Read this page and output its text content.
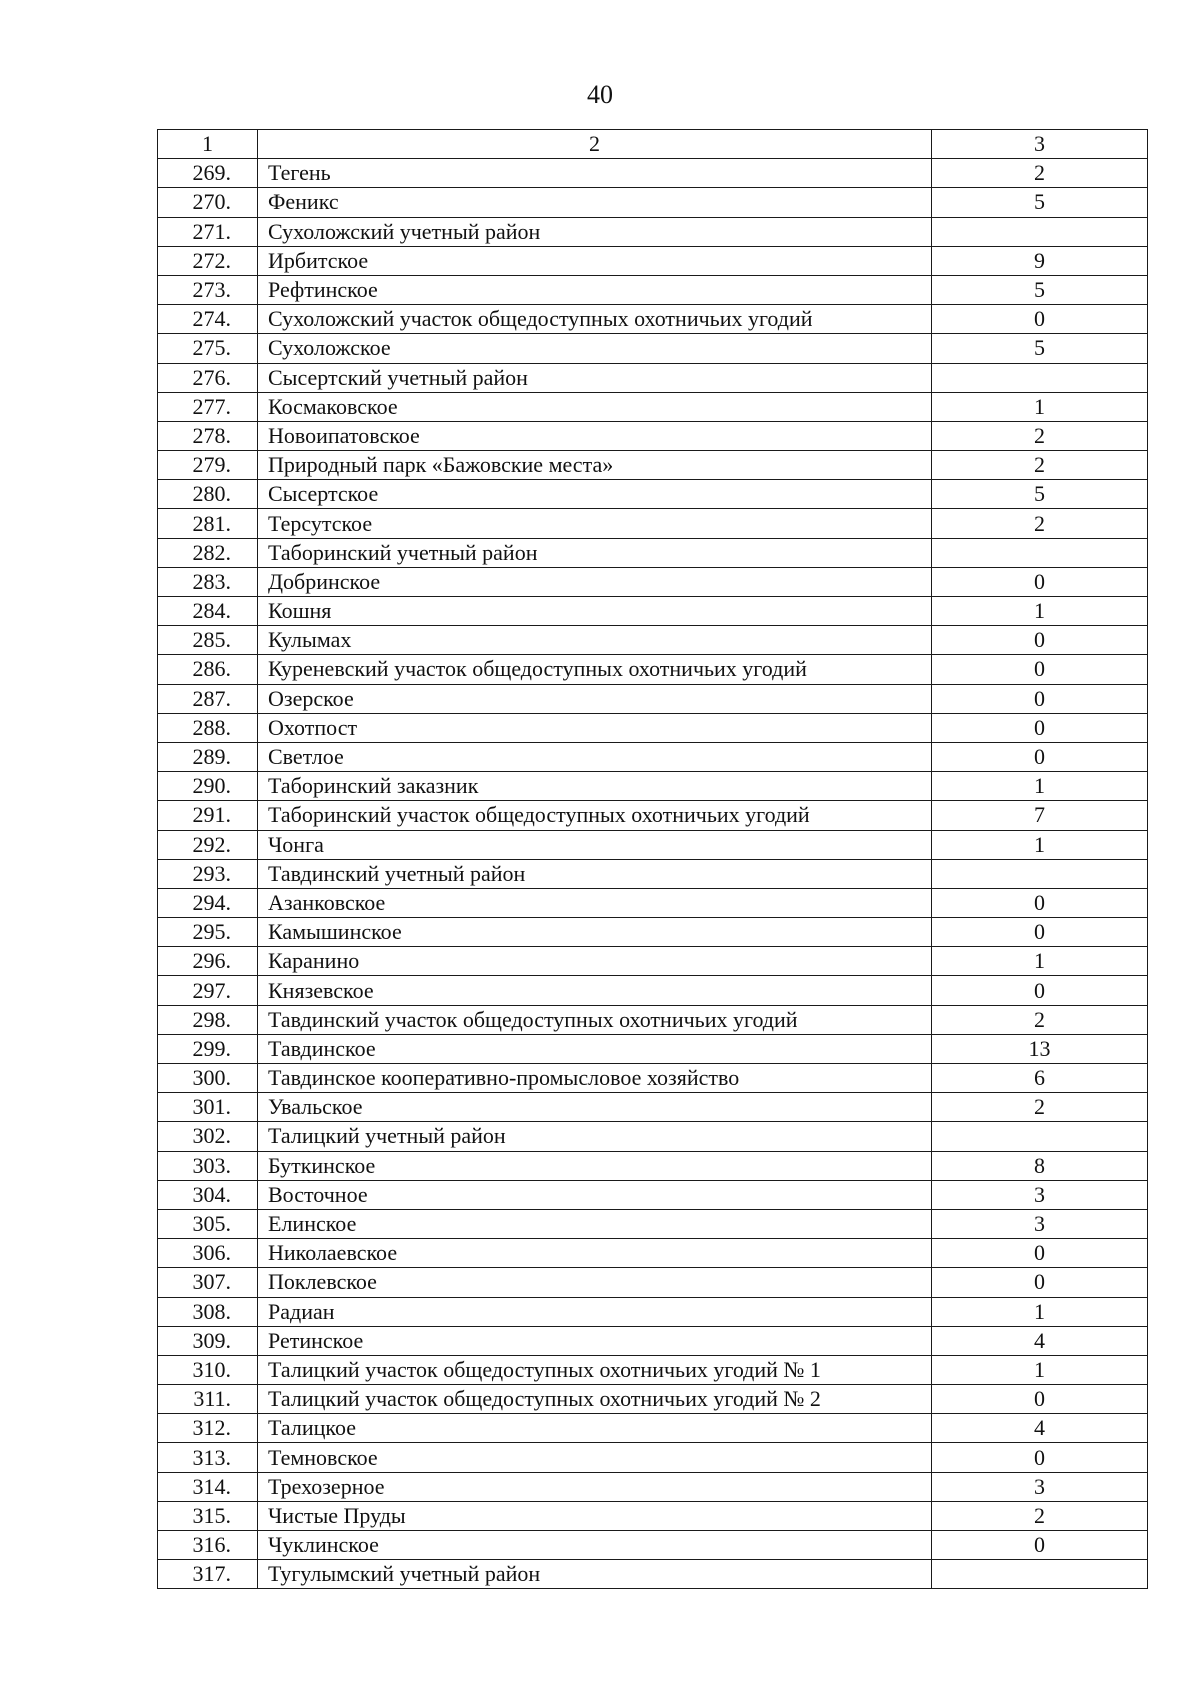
40
1	2	3
269.	Тегень	2
270.	Феникс	5
271.	Сухоложский учетный район	
272.	Ирбитское	9
273.	Рефтинское	5
274.	Сухоложский участок общедоступных охотничьих угодий	0
275.	Сухоложское	5
276.	Сысертский учетный район	
277.	Космаковское	1
278.	Новоипатовское	2
279.	Природный парк «Бажовские места»	2
280.	Сысертское	5
281.	Терсутское	2
282.	Таборинский учетный район	
283.	Добринское	0
284.	Кошня	1
285.	Кулымах	0
286.	Куреневский участок общедоступных охотничьих угодий	0
287.	Озерское	0
288.	Охотпост	0
289.	Светлое	0
290.	Таборинский заказник	1
291.	Таборинский участок общедоступных охотничьих угодий	7
292.	Чонга	1
293.	Тавдинский учетный район	
294.	Азанковское	0
295.	Камышинское	0
296.	Каранино	1
297.	Князевское	0
298.	Тавдинский участок общедоступных охотничьих угодий	2
299.	Тавдинское	13
300.	Тавдинское кооперативно-промысловое хозяйство	6
301.	Увальское	2
302.	Талицкий учетный район	
303.	Буткинское	8
304.	Восточное	3
305.	Елинское	3
306.	Николаевское	0
307.	Поклевское	0
308.	Радиан	1
309.	Ретинское	4
310.	Талицкий участок общедоступных охотничьих угодий № 1	1
311.	Талицкий участок общедоступных охотничьих угодий № 2	0
312.	Талицкое	4
313.	Темновское	0
314.	Трехозерное	3
315.	Чистые Пруды	2
316.	Чуклинское	0
317.	Тугулымский учетный район	
